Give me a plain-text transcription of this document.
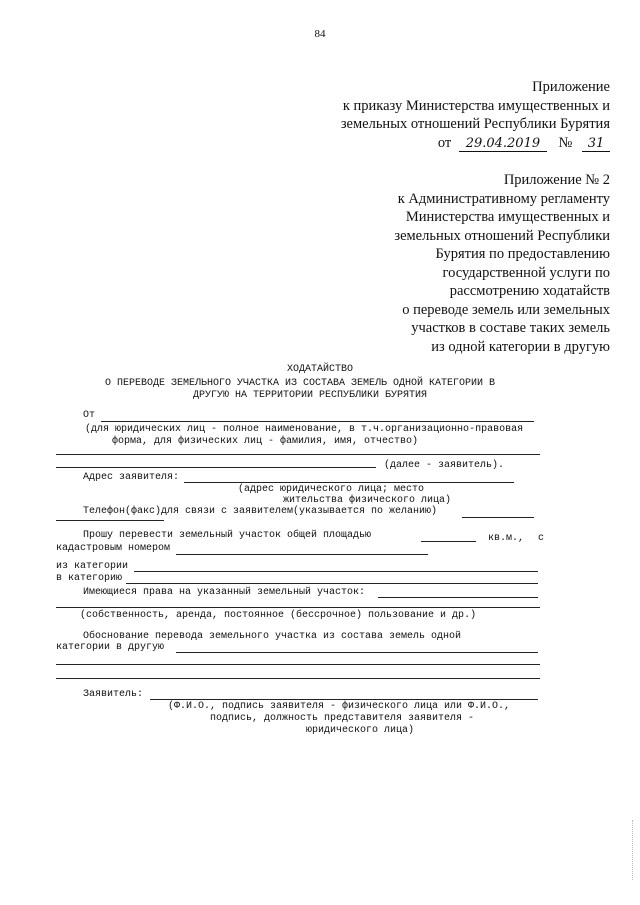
84
Приложение
к приказу Министерства имущественных и
земельных отношений Республики Бурятия
от 29.04.2019 № 31
Приложение № 2
к Административному регламенту
Министерства имущественных и
земельных отношений Республики
Бурятия по предоставлению
государственной услуги по
рассмотрению ходатайств
о переводе земель или земельных
участков в составе таких земель
из одной категории в другую
ХОДАТАЙСТВО
О ПЕРЕВОДЕ ЗЕМЕЛЬНОГО УЧАСТКА ИЗ СОСТАВА ЗЕМЕЛЬ ОДНОЙ КАТЕГОРИИ В
ДРУГУЮ НА ТЕРРИТОРИИ РЕСПУБЛИКИ БУРЯТИЯ
От
(для юридических лиц - полное наименование, в т.ч.организационно-правовая
форма, для физических лиц - фамилия, имя, отчество)
(далее - заявитель).
Адрес заявителя:
(адрес юридического лица; место
жительства физического лица)
Телефон(факс)для связи с заявителем(указывается по желанию)
Прошу перевести земельный участок общей площадью	кв.м., с
кадастровым номером
из категории
в категорию
Имеющиеся права на указанный земельный участок:
(собственность, аренда, постоянное (бессрочное) пользование и др.)
Обоснование перевода земельного участка из состава земель одной
категории в другую
Заявитель:
(Ф.И.О., подпись заявителя - физического лица или Ф.И.О.,
подпись, должность представителя заявителя -
юридического лица)
